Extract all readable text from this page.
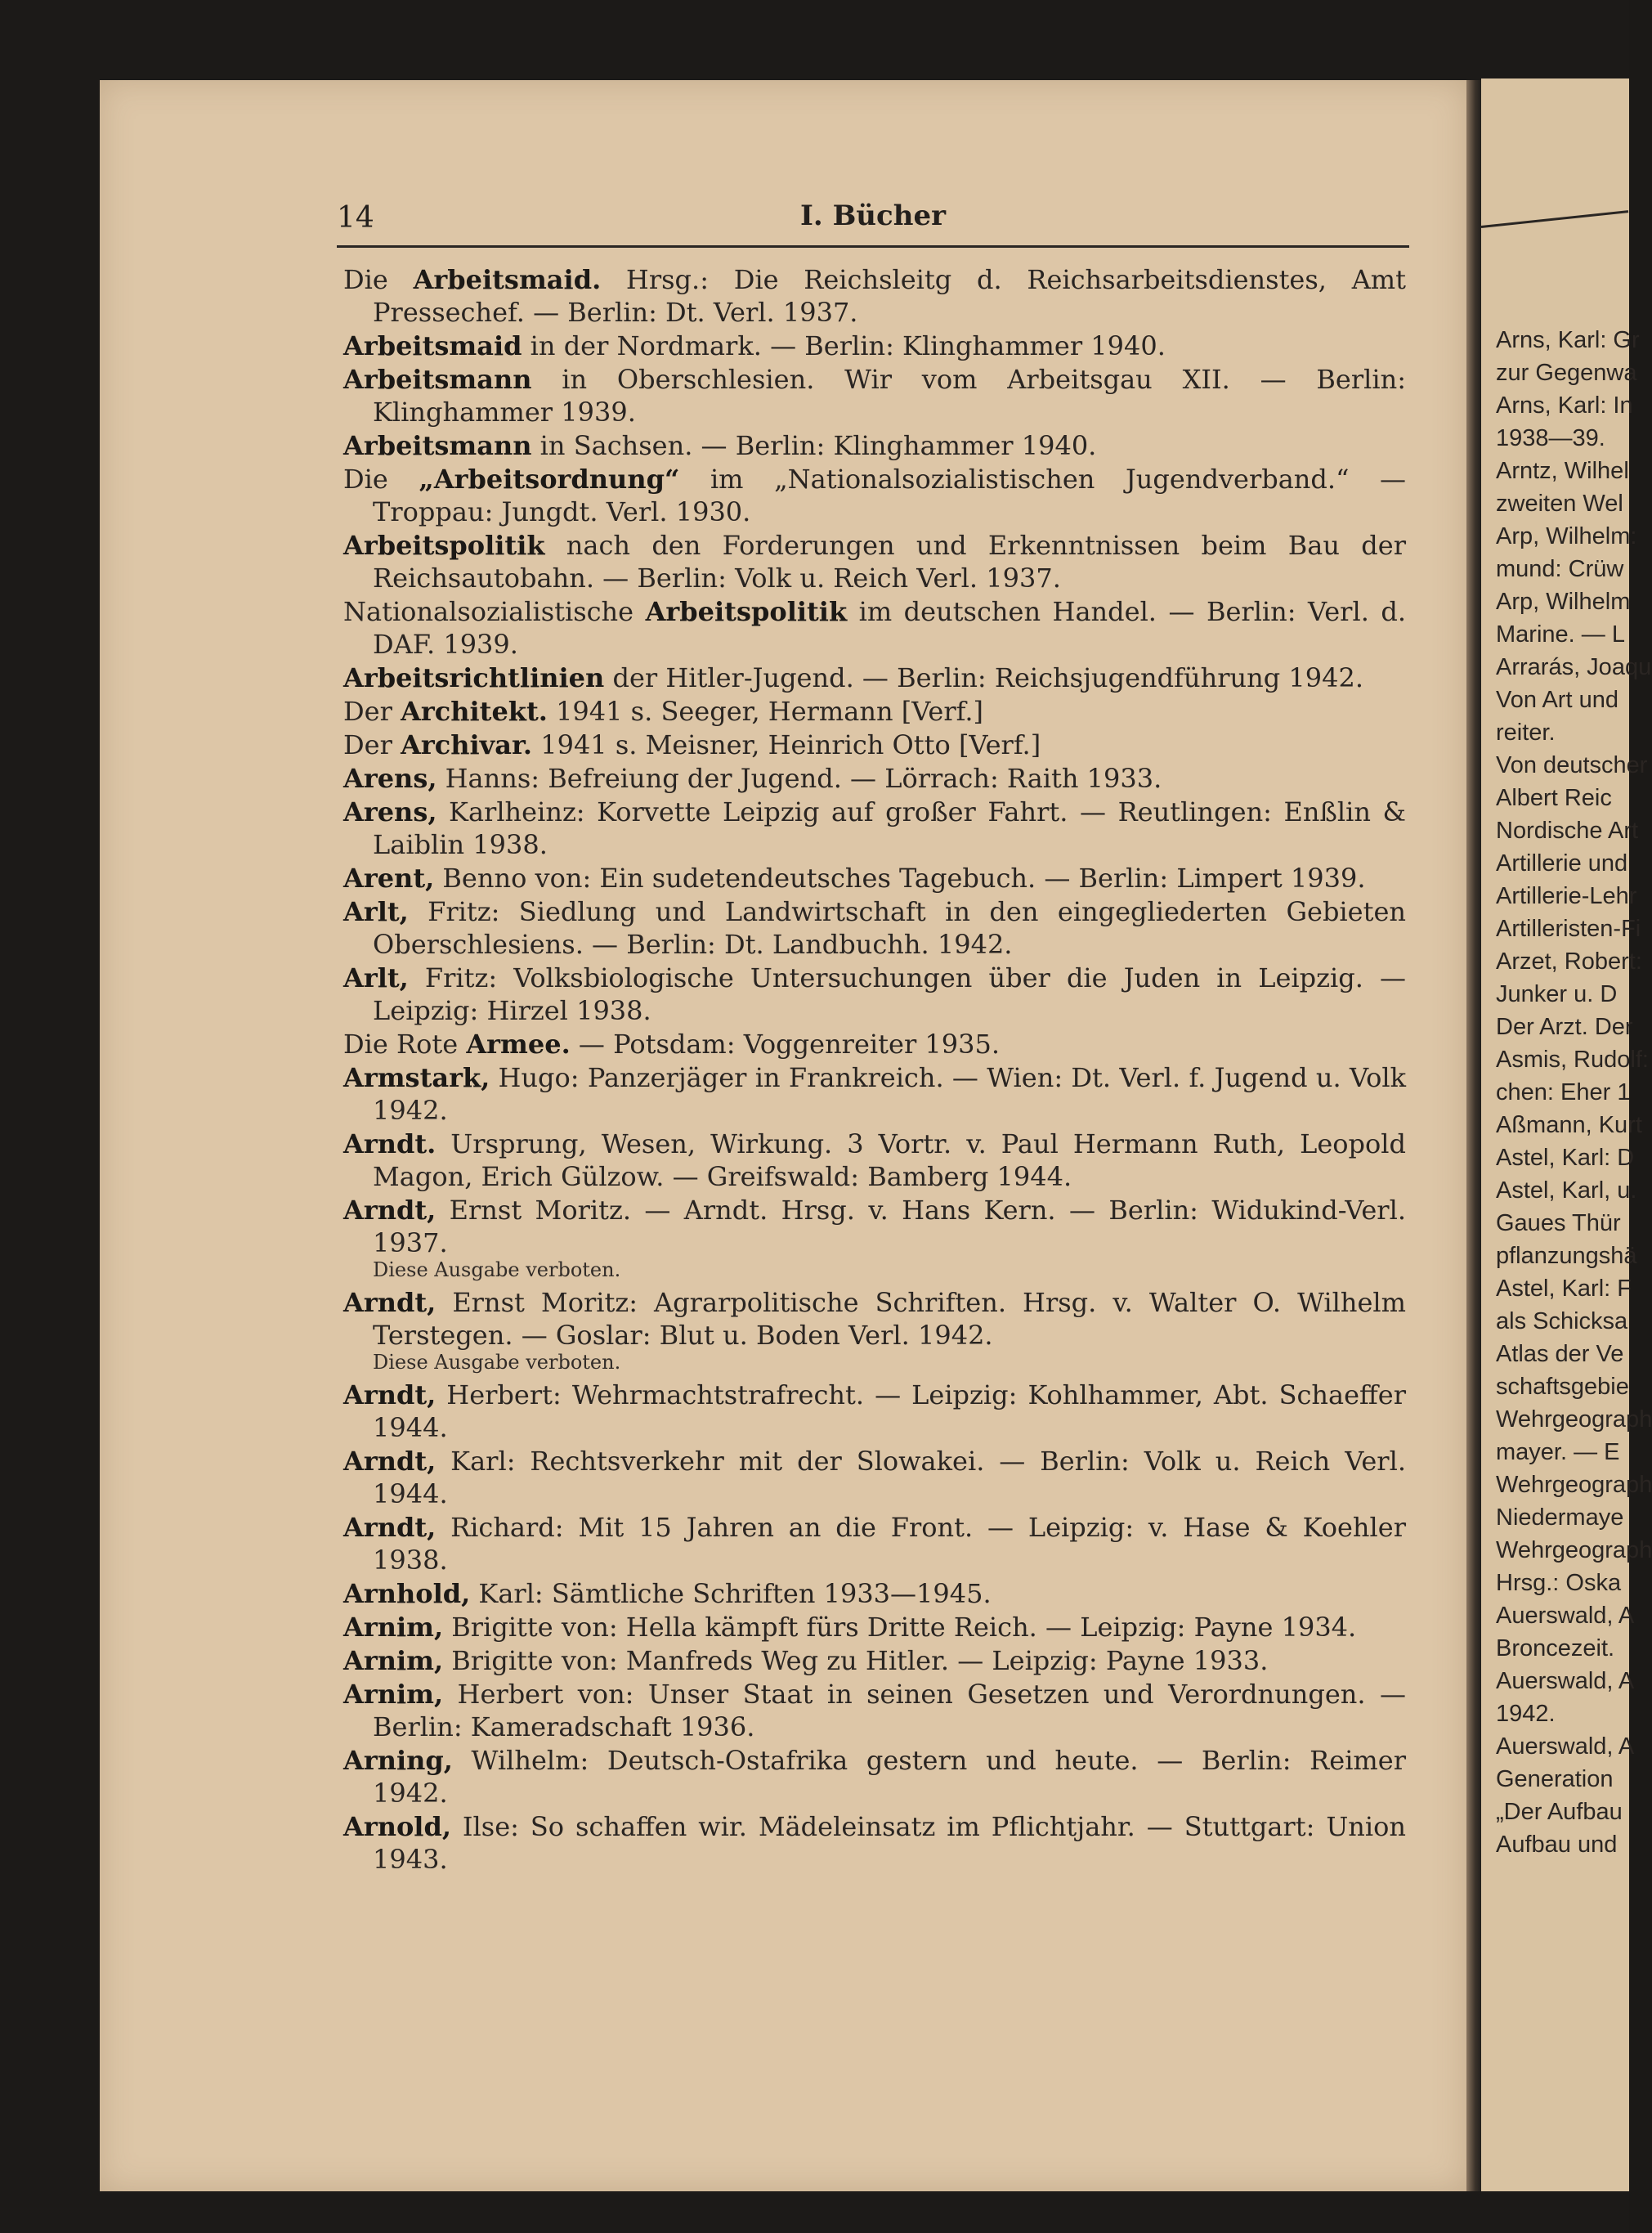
Arns, Karl: Gr
zur Gegenwa
Arns, Karl: In
1938—39.
Arntz, Wilhel
zweiten Wel
Arp, Wilhelm:
mund: Crüw
Arp, Wilhelm
Marine. — L
Arrarás, Joaqu
Von Art und
reiter.
Von deutscher
Albert Reic
Nordische Art
Artillerie und
Artillerie-Lehr
Artilleristen-Fi
Arzet, Robert:
Junker u. D
Der Arzt. Der
Asmis, Rudolf:
chen: Eher 1
Aßmann, Kurt
Astel, Karl: D
Astel, Karl, u.
Gaues Thür
pflanzungshä
Astel, Karl: F
als Schicksa
Atlas der Ve
schaftsgebie
Wehrgeograph
mayer. — E
Wehrgeograph
Niedermaye
Wehrgeograph
Hrsg.: Oska
Auerswald, A
Broncezeit.
Auerswald, A
1942.
Auerswald, A
Generation
„Der Aufbau
Aufbau und
14	I. Bücher
Die Arbeitsmaid. Hrsg.: Die Reichsleitg d. Reichsarbeitsdienstes, Amt Pressechef. — Berlin: Dt. Verl. 1937.
Arbeitsmaid in der Nordmark. — Berlin: Klinghammer 1940.
Arbeitsmann in Oberschlesien. Wir vom Arbeitsgau XII. — Berlin: Klinghammer 1939.
Arbeitsmann in Sachsen. — Berlin: Klinghammer 1940.
Die „Arbeitsordnung“ im „Nationalsozialistischen Jugendverband.“ — Troppau: Jungdt. Verl. 1930.
Arbeitspolitik nach den Forderungen und Erkenntnissen beim Bau der Reichsautobahn. — Berlin: Volk u. Reich Verl. 1937.
Nationalsozialistische Arbeitspolitik im deutschen Handel. — Berlin: Verl. d. DAF. 1939.
Arbeitsrichtlinien der Hitler-Jugend. — Berlin: Reichsjugendführung 1942.
Der Architekt. 1941 s. Seeger, Hermann [Verf.]
Der Archivar. 1941 s. Meisner, Heinrich Otto [Verf.]
Arens, Hanns: Befreiung der Jugend. — Lörrach: Raith 1933.
Arens, Karlheinz: Korvette Leipzig auf großer Fahrt. — Reutlingen: Enßlin & Laiblin 1938.
Arent, Benno von: Ein sudetendeutsches Tagebuch. — Berlin: Limpert 1939.
Arlt, Fritz: Siedlung und Landwirtschaft in den eingegliederten Gebieten Oberschlesiens. — Berlin: Dt. Landbuchh. 1942.
Arlt, Fritz: Volksbiologische Untersuchungen über die Juden in Leipzig. — Leipzig: Hirzel 1938.
Die Rote Armee. — Potsdam: Voggenreiter 1935.
Armstark, Hugo: Panzerjäger in Frankreich. — Wien: Dt. Verl. f. Jugend u. Volk 1942.
Arndt. Ursprung, Wesen, Wirkung. 3 Vortr. v. Paul Hermann Ruth, Leopold Magon, Erich Gülzow. — Greifswald: Bamberg 1944.
Arndt, Ernst Moritz. — Arndt. Hrsg. v. Hans Kern. — Berlin: Widukind-Verl. 1937.
Diese Ausgabe verboten.
Arndt, Ernst Moritz: Agrarpolitische Schriften. Hrsg. v. Walter O. Wilhelm Terstegen. — Goslar: Blut u. Boden Verl. 1942.
Diese Ausgabe verboten.
Arndt, Herbert: Wehrmachtstrafrecht. — Leipzig: Kohlhammer, Abt. Schaeffer 1944.
Arndt, Karl: Rechtsverkehr mit der Slowakei. — Berlin: Volk u. Reich Verl. 1944.
Arndt, Richard: Mit 15 Jahren an die Front. — Leipzig: v. Hase & Koehler 1938.
Arnhold, Karl: Sämtliche Schriften 1933—1945.
Arnim, Brigitte von: Hella kämpft fürs Dritte Reich. — Leipzig: Payne 1934.
Arnim, Brigitte von: Manfreds Weg zu Hitler. — Leipzig: Payne 1933.
Arnim, Herbert von: Unser Staat in seinen Gesetzen und Verordnungen. — Berlin: Kameradschaft 1936.
Arning, Wilhelm: Deutsch-Ostafrika gestern und heute. — Berlin: Reimer 1942.
Arnold, Ilse: So schaffen wir. Mädeleinsatz im Pflichtjahr. — Stuttgart: Union 1943.
